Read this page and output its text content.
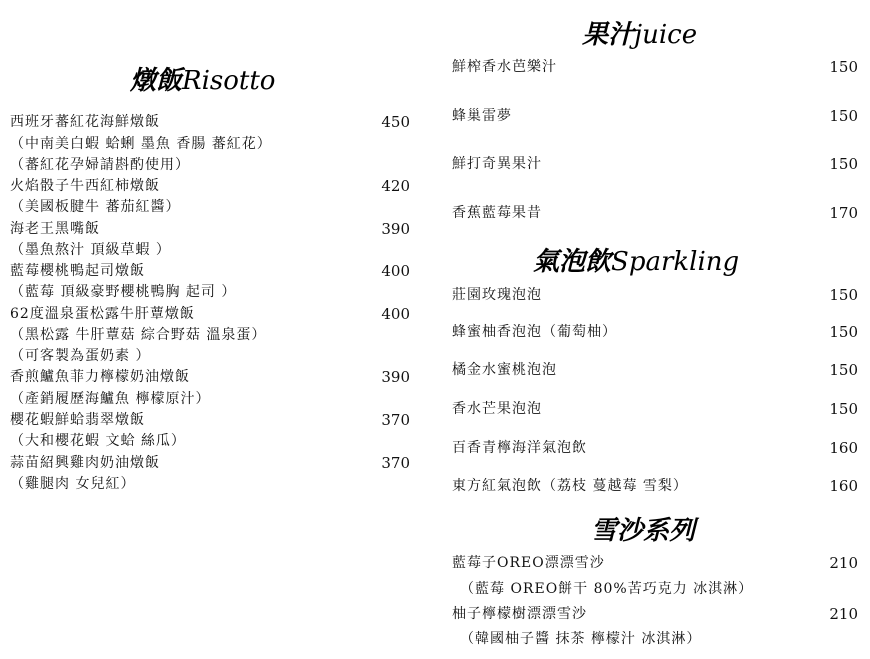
燉飯Risotto
西班牙蕃紅花海鮮燉飯	450
（中南美白蝦 蛤蜊 墨魚 香腸 蕃紅花）
（蕃紅花孕婦請斟酌使用）
火焰骰子牛西紅柿燉飯	420
（美國板腱牛 蕃茄紅醬）
海老王黑嘴飯	390
（墨魚熬汁 頂級草蝦 ）
藍莓櫻桃鴨起司燉飯	400
（藍莓 頂級豪野櫻桃鴨胸 起司 ）
62度溫泉蛋松露牛肝蕈燉飯	400
（黑松露 牛肝蕈菇 綜合野菇 溫泉蛋）
（可客製為蛋奶素 ）
香煎鱸魚菲力檸檬奶油燉飯	390
（產銷履歷海鱸魚 檸檬原汁）
櫻花蝦鮮蛤翡翠燉飯	370
（大和櫻花蝦 文蛤 絲瓜）
蒜苗紹興雞肉奶油燉飯	370
（雞腿肉 女兒紅）
果汁juice
鮮榨香水芭樂汁	150
蜂巢雷夢	150
鮮打奇異果汁	150
香蕉藍莓果昔	170
氣泡飲Sparkling
莊園玫瑰泡泡	150
蜂蜜柚香泡泡（葡萄柚）	150
橘金水蜜桃泡泡	150
香水芒果泡泡	150
百香青檸海洋氣泡飲	160
東方紅氣泡飲（荔枝 蔓越莓 雪梨）	160
雪沙系列
藍莓子OREO漂漂雪沙	210
（藍莓 OREO餅干 80%苦巧克力 冰淇淋）
柚子檸檬樹漂漂雪沙	210
（韓國柚子醬 抹茶 檸檬汁 冰淇淋）
